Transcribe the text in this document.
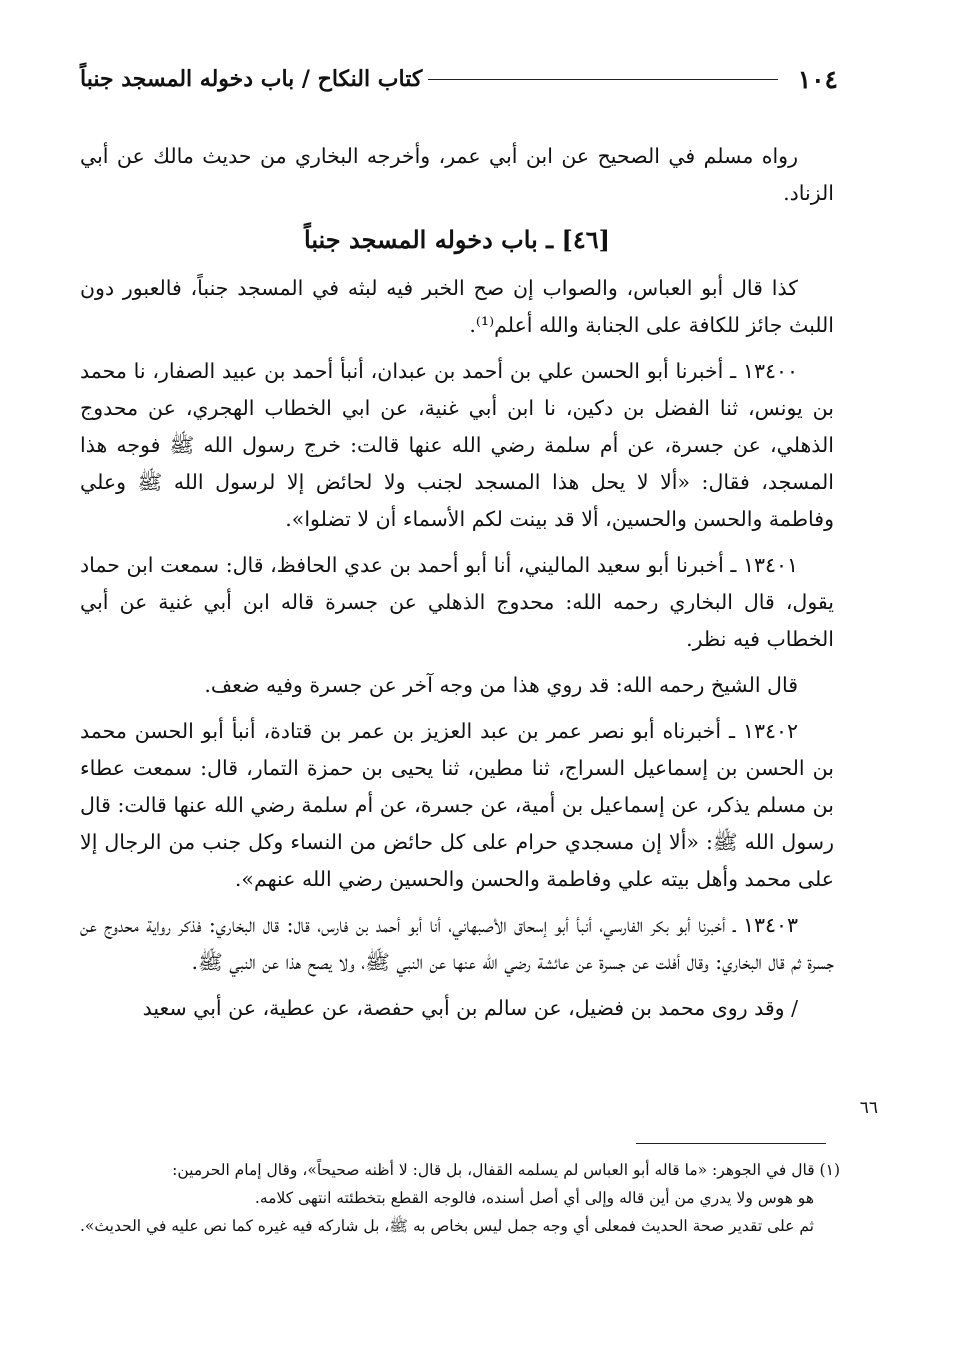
١٠٤
كتاب النكاح / باب دخوله المسجد جنباً

رواه مسلم في الصحيح عن ابن أبي عمر، وأخرجه البخاري من حديث مالك عن أبي الزناد.

[٤٦] ـ باب دخوله المسجد جنباً

كذا قال أبو العباس، والصواب إن صح الخبر فيه لبثه في المسجد جنباً، فالعبور دون اللبث جائز للكافة على الجنابة والله أعلم⁽¹⁾.

١٣٤٠٠ ـ أخبرنا أبو الحسن علي بن أحمد بن عبدان، أنبأ أحمد بن عبيد الصفار، نا محمد بن يونس، ثنا الفضل بن دكين، نا ابن أبي غنية، عن ابي الخطاب الهجري، عن محدوج الذهلي، عن جسرة، عن أم سلمة رضي الله عنها قالت: خرج رسول الله ﷺ فوجه هذا المسجد، فقال: «ألا لا يحل هذا المسجد لجنب ولا لحائض إلا لرسول الله ﷺ وعلي وفاطمة والحسن والحسين، ألا قد بينت لكم الأسماء أن لا تضلوا».

١٣٤٠١ ـ أخبرنا أبو سعيد الماليني، أنا أبو أحمد بن عدي الحافظ، قال: سمعت ابن حماد يقول، قال البخاري رحمه الله: محدوج الذهلي عن جسرة قاله ابن أبي غنية عن أبي الخطاب فيه نظر.

قال الشيخ رحمه الله: قد روي هذا من وجه آخر عن جسرة وفيه ضعف.

١٣٤٠٢ ـ أخبرناه أبو نصر عمر بن عبد العزيز بن عمر بن قتادة، أنبأ أبو الحسن محمد بن الحسن بن إسماعيل السراج، ثنا مطين، ثنا يحيى بن حمزة التمار، قال: سمعت عطاء بن مسلم يذكر، عن إسماعيل بن أمية، عن جسرة، عن أم سلمة رضي الله عنها قالت: قال رسول الله ﷺ: «ألا إن مسجدي حرام على كل حائض من النساء وكل جنب من الرجال إلا على محمد وأهل بيته علي وفاطمة والحسن والحسين رضي الله عنهم».

١٣٤٠٣ ـ أخبرنا أبو بكر الفارسي، أنبأ أبو إسحاق الأصبهاني، أنا أبو أحمد بن فارس، قال: قال البخاري: فذكر رواية محدوج عن جسرة ثم قال البخاري: وقال أفلت عن جسرة عن عائشة رضي الله عنها عن النبي ﷺ، ولا يصح هذا عن النبي ﷺ.

/ وقد روى محمد بن فضيل، عن سالم بن أبي حفصة، عن عطية، عن أبي سعيد

٦٦

(١) قال في الجوهر: «ما قاله أبو العباس لم يسلمه القفال، بل قال: لا أظنه صحيحاً»، وقال إمام الحرمين:

هو هوس ولا يدري من أين قاله وإلى أي أصل أسنده، فالوجه القطع بتخطئته انتهى كلامه.

ثم على تقدير صحة الحديث فمعلى أي وجه جمل ليس بخاص به ﷺ، بل شاركه فيه غيره كما نص عليه في الحديث».
